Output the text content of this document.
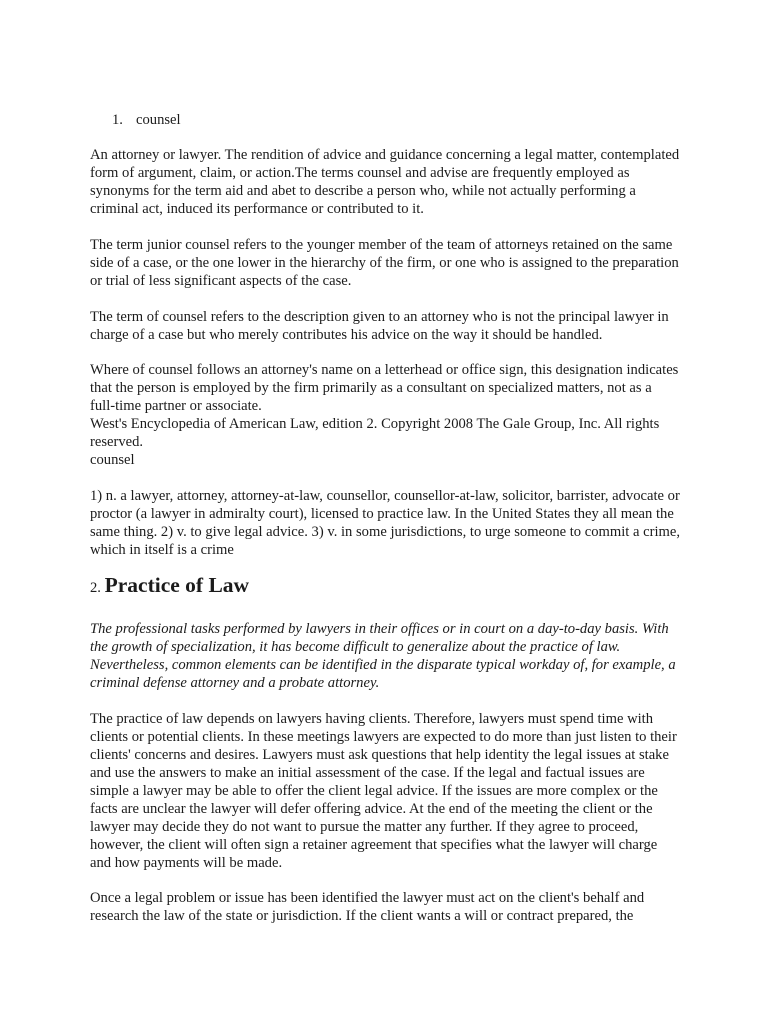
1. counsel

An attorney or lawyer. The rendition of advice and guidance concerning a legal matter, contemplated form of argument, claim, or action.The terms counsel and advise are frequently employed as synonyms for the term aid and abet to describe a person who, while not actually performing a criminal act, induced its performance or contributed to it.

The term junior counsel refers to the younger member of the team of attorneys retained on the same side of a case, or the one lower in the hierarchy of the firm, or one who is assigned to the preparation or trial of less significant aspects of the case.

The term of counsel refers to the description given to an attorney who is not the principal lawyer in charge of a case but who merely contributes his advice on the way it should be handled.

Where of counsel follows an attorney's name on a letterhead or office sign, this designation indicates that the person is employed by the firm primarily as a consultant on specialized matters, not as a full-time partner or associate.

West's Encyclopedia of American Law, edition 2. Copyright 2008 The Gale Group, Inc. All rights reserved.

counsel

1) n. a lawyer, attorney, attorney-at-law, counsellor, counsellor-at-law, solicitor, barrister, advocate or proctor (a lawyer in admiralty court), licensed to practice law. In the United States they all mean the same thing. 2) v. to give legal advice. 3) v. in some jurisdictions, to urge someone to commit a crime, which in itself is a crime

2. Practice of Law

The professional tasks performed by lawyers in their offices or in court on a day-to-day basis. With the growth of specialization, it has become difficult to generalize about the practice of law. Nevertheless, common elements can be identified in the disparate typical workday of, for example, a criminal defense attorney and a probate attorney.

The practice of law depends on lawyers having clients. Therefore, lawyers must spend time with clients or potential clients. In these meetings lawyers are expected to do more than just listen to their clients' concerns and desires. Lawyers must ask questions that help identity the legal issues at stake and use the answers to make an initial assessment of the case. If the legal and factual issues are simple a lawyer may be able to offer the client legal advice. If the issues are more complex or the facts are unclear the lawyer will defer offering advice. At the end of the meeting the client or the lawyer may decide they do not want to pursue the matter any further. If they agree to proceed, however, the client will often sign a retainer agreement that specifies what the lawyer will charge and how payments will be made.

Once a legal problem or issue has been identified the lawyer must act on the client's behalf and research the law of the state or jurisdiction. If the client wants a will or contract prepared, the
